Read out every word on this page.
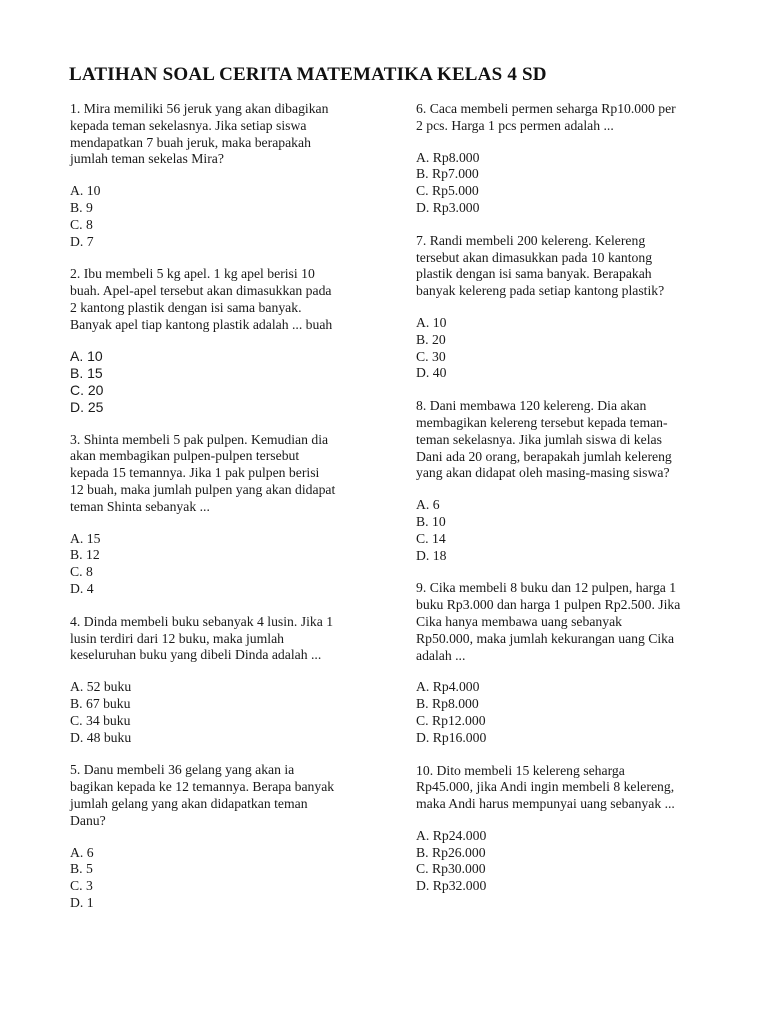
LATIHAN SOAL CERITA MATEMATIKA KELAS 4 SD

1. Mira memiliki 56 jeruk yang akan dibagikan
kepada teman sekelasnya. Jika setiap siswa
mendapatkan 7 buah jeruk, maka berapakah
jumlah teman sekelas Mira?

A. 10
B. 9
C. 8
D. 7

2. Ibu membeli 5 kg apel. 1 kg apel berisi 10
buah. Apel-apel tersebut akan dimasukkan pada
2 kantong plastik dengan isi sama banyak.
Banyak apel tiap kantong plastik adalah ... buah

A. 10
B. 15
C. 20
D. 25

3. Shinta membeli 5 pak pulpen. Kemudian dia
akan membagikan pulpen-pulpen tersebut
kepada 15 temannya. Jika 1 pak pulpen berisi
12 buah, maka jumlah pulpen yang akan didapat
teman Shinta sebanyak ...

A. 15
B. 12
C. 8
D. 4

4. Dinda membeli buku sebanyak 4 lusin. Jika 1
lusin terdiri dari 12 buku, maka jumlah
keseluruhan buku yang dibeli Dinda adalah ...

A. 52 buku
B. 67 buku
C. 34 buku
D. 48 buku

5. Danu membeli 36 gelang yang akan ia
bagikan kepada ke 12 temannya. Berapa banyak
jumlah gelang yang akan didapatkan teman
Danu?

A. 6
B. 5
C. 3
D. 1

6. Caca membeli permen seharga Rp10.000 per
2 pcs. Harga 1 pcs permen adalah ...

A. Rp8.000
B. Rp7.000
C. Rp5.000
D. Rp3.000

7. Randi membeli 200 kelereng. Kelereng
tersebut akan dimasukkan pada 10 kantong
plastik dengan isi sama banyak. Berapakah
banyak kelereng pada setiap kantong plastik?

A. 10
B. 20
C. 30
D. 40

8. Dani membawa 120 kelereng. Dia akan
membagikan kelereng tersebut kepada teman-
teman sekelasnya. Jika jumlah siswa di kelas
Dani ada 20 orang, berapakah jumlah kelereng
yang akan didapat oleh masing-masing siswa?

A. 6
B. 10
C. 14
D. 18

9. Cika membeli 8 buku dan 12 pulpen, harga 1
buku Rp3.000 dan harga 1 pulpen Rp2.500. Jika
Cika hanya membawa uang sebanyak
Rp50.000, maka jumlah kekurangan uang Cika
adalah ...

A. Rp4.000
B. Rp8.000
C. Rp12.000
D. Rp16.000

10. Dito membeli 15 kelereng seharga
Rp45.000, jika Andi ingin membeli 8 kelereng,
maka Andi harus mempunyai uang sebanyak ...

A. Rp24.000
B. Rp26.000
C. Rp30.000
D. Rp32.000
